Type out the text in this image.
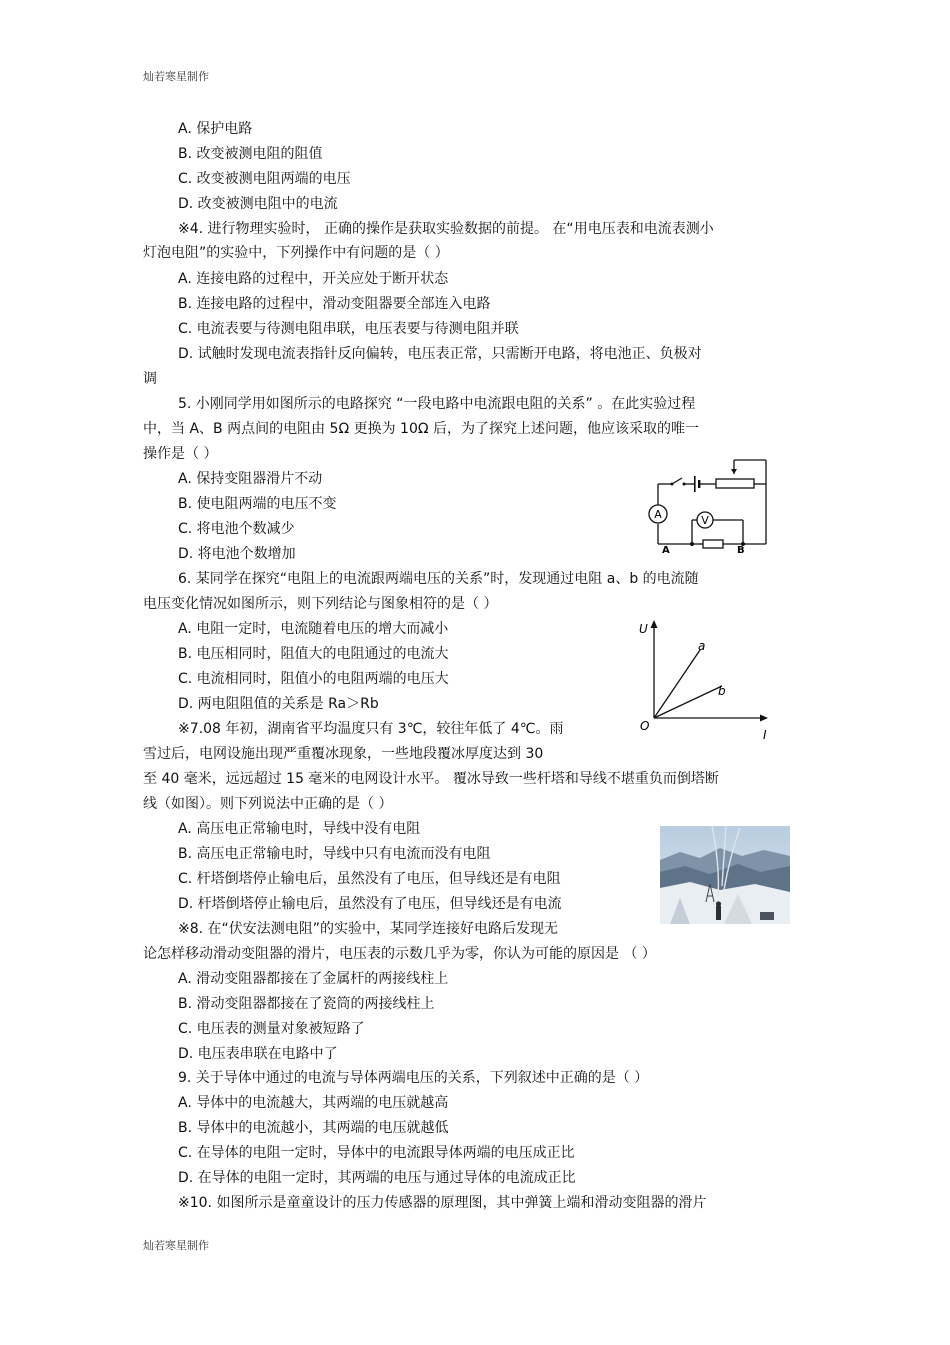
灿若寒星制作
A. 保护电路
B. 改变被测电阻的阻值
C. 改变被测电阻两端的电压
D. 改变被测电阻中的电流
※4. 进行物理实验时， 正确的操作是获取实验数据的前提。 在“用电压表和电流表测小
灯泡电阻”的实验中，下列操作中有问题的是（ ）
A. 连接电路的过程中，开关应处于断开状态
B. 连接电路的过程中，滑动变阻器要全部连入电路
C. 电流表要与待测电阻串联，电压表要与待测电阻并联
D. 试触时发现电流表指针反向偏转，电压表正常，只需断开电路，将电池正、负极对
调
5. 小刚同学用如图所示的电路探究 “一段电路中电流跟电阻的关系” 。在此实验过程
中，当 A、B 两点间的电阻由 5Ω 更换为 10Ω 后，为了探究上述问题，他应该采取的唯一
操作是（ ）
A. 保持变阻器滑片不动
B. 使电阻两端的电压不变
C. 将电池个数减少
D. 将电池个数增加
A	V
A	B
6. 某同学在探究“电阻上的电流跟两端电压的关系”时，发现通过电阻 a、b 的电流随
电压变化情况如图所示，则下列结论与图象相符的是（ ）
A. 电阻一定时，电流随着电压的增大而减小
B. 电压相同时，阻值大的电阻通过的电流大
C. 电流相同时，阻值小的电阻两端的电压大
D. 两电阻阻值的关系是 Ra＞Rb
U
I
O
a
b
※7.08 年初，湖南省平均温度只有 3℃，较往年低了 4℃。雨
雪过后，电网设施出现严重覆冰现象，一些地段覆冰厚度达到 30
至 40 毫米，远远超过 15 毫米的电网设计水平。 覆冰导致一些杆塔和导线不堪重负而倒塔断
线（如图）。则下列说法中正确的是（ ）
A. 高压电正常输电时，导线中没有电阻
B. 高压电正常输电时，导线中只有电流而没有电阻
C. 杆塔倒塔停止输电后，虽然没有了电压，但导线还是有电阻
D. 杆塔倒塔停止输电后，虽然没有了电压，但导线还是有电流
※8. 在“伏安法测电阻”的实验中，某同学连接好电路后发现无
论怎样移动滑动变阻器的滑片，电压表的示数几乎为零，你认为可能的原因是 （ ）
A. 滑动变阻器都接在了金属杆的两接线柱上
B. 滑动变阻器都接在了瓷筒的两接线柱上
C. 电压表的测量对象被短路了
D. 电压表串联在电路中了
9. 关于导体中通过的电流与导体两端电压的关系，下列叙述中正确的是（ ）
A. 导体中的电流越大，其两端的电压就越高
B. 导体中的电流越小，其两端的电压就越低
C. 在导体的电阻一定时，导体中的电流跟导体两端的电压成正比
D. 在导体的电阻一定时，其两端的电压与通过导体的电流成正比
※10. 如图所示是童童设计的压力传感器的原理图，其中弹簧上端和滑动变阻器的滑片
灿若寒星制作
